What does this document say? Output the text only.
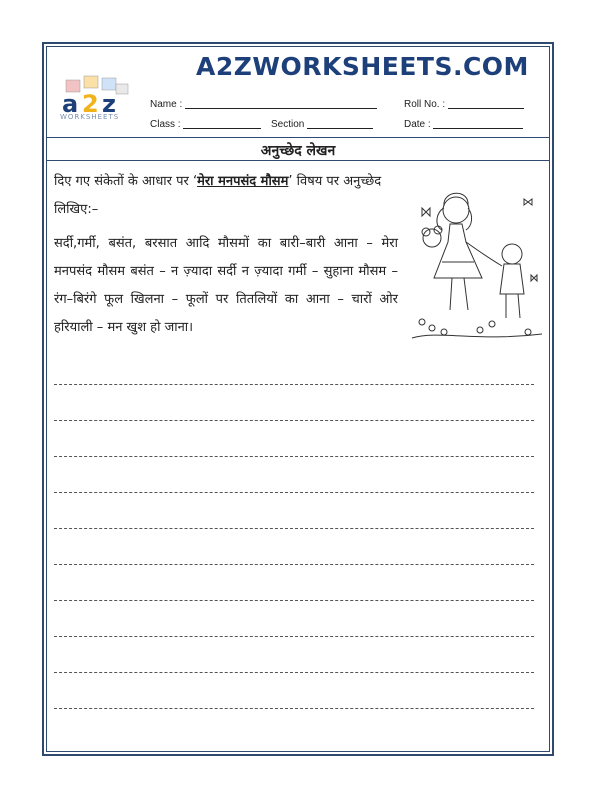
a 2 z
WORKSHEETS
A2ZWORKSHEETS.COM
Name :	Roll No. :
Class :	Section	Date :
अनुच्छेद लेखन
दिए गए संकेतों के आधार पर ‘मेरा मनपसंद मौसम’ विषय पर अनुच्छेद लिखिए:–
सर्दी,गर्मी, बसंत, बरसात आदि मौसमों का बारी–बारी आना – मेरा मनपसंद मौसम बसंत – न ज़्यादा सर्दी न ज़्यादा गर्मी – सुहाना मौसम – रंग–बिरंगे फूल खिलना – फूलों पर तितलियों का आना – चारों ओर हरियाली – मन खुश हो जाना।
